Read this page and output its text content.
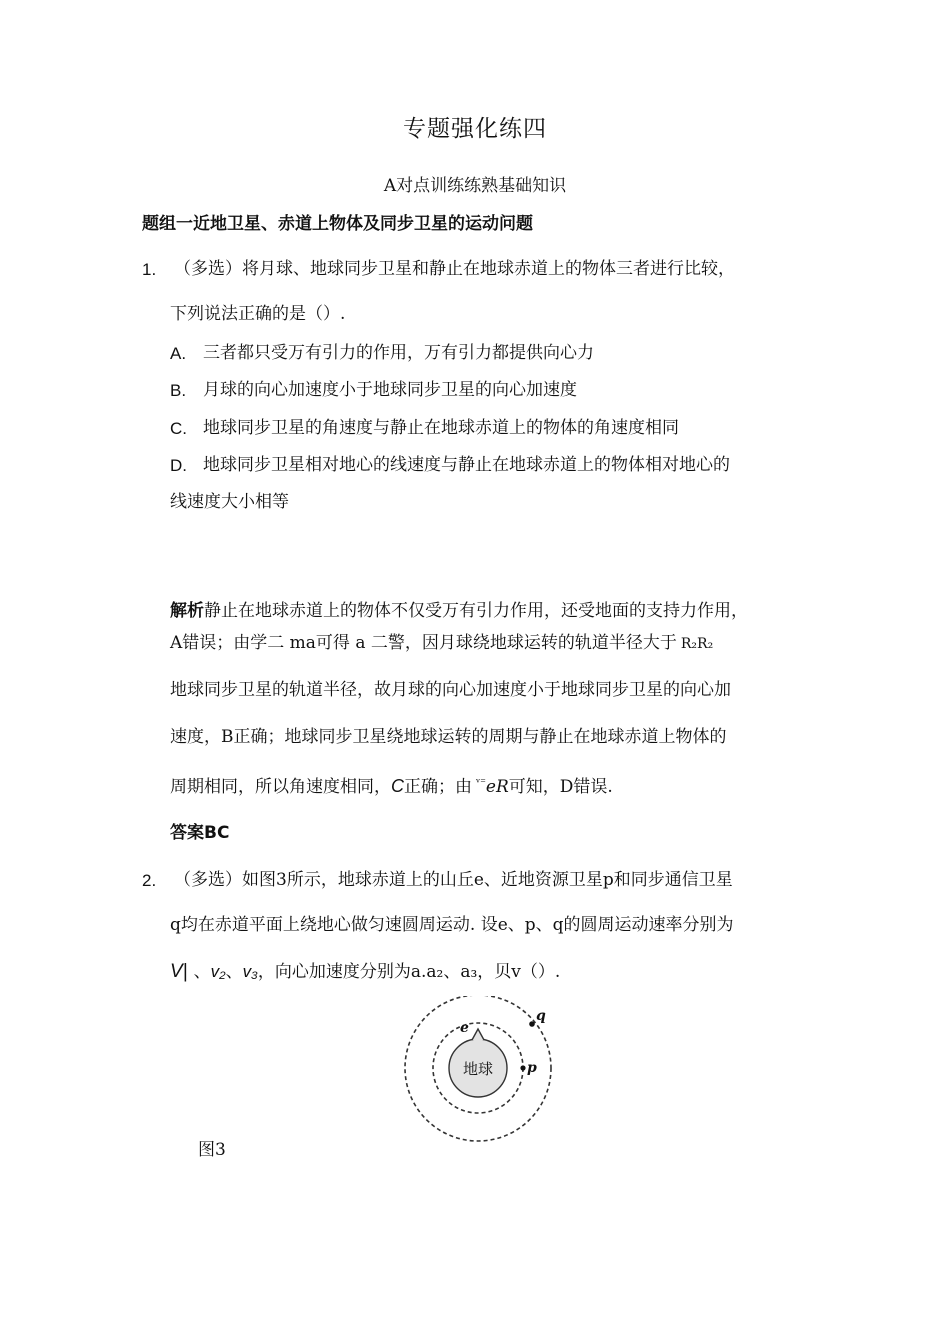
专题强化练四
A对点训练练熟基础知识
题组一近地卫星、赤道上物体及同步卫星的运动问题
1. （多选）将月球、地球同步卫星和静止在地球赤道上的物体三者进行比较，
下列说法正确的是（）.
A. 三者都只受万有引力的作用，万有引力都提供向心力
B. 月球的向心加速度小于地球同步卫星的向心加速度
C. 地球同步卫星的角速度与静止在地球赤道上的物体的角速度相同
D. 地球同步卫星相对地心的线速度与静止在地球赤道上的物体相对地心的
线速度大小相等
解析静止在地球赤道上的物体不仅受万有引力作用，还受地面的支持力作用，
A错误；由学二 ma可得 a 二警，因月球绕地球运转的轨道半径大于 R₂R₂
地球同步卫星的轨道半径，故月球的向心加速度小于地球同步卫星的向心加
速度，B正确；地球同步卫星绕地球运转的周期与静止在地球赤道上物体的
周期相同，所以角速度相同，C正确；由 $^{ᵛ^=}$eR可知，D错误.
答案BC
2. （多选）如图3所示，地球赤道上的山丘e、近地资源卫星p和同步通信卫星
q均在赤道平面上绕地心做匀速圆周运动. 设e、p、q的圆周运动速率分别为
V| 、v₂、v₃，向心加速度分别为a.a₂、a₃，贝v（）.
地球
e
p
q
图3
